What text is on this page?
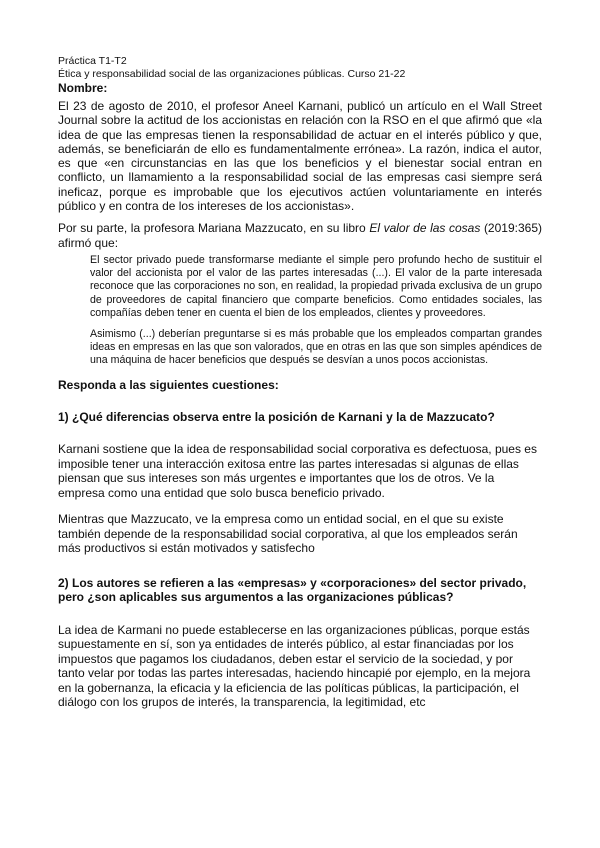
Práctica T1-T2
Ética y responsabilidad social de las organizaciones públicas. Curso 21-22
Nombre:

El 23 de agosto de 2010, el profesor Aneel Karnani, publicó un artículo en el Wall Street Journal sobre la actitud de los accionistas en relación con la RSO en el que afirmó que «la idea de que las empresas tienen la responsabilidad de actuar en el interés público y que, además, se beneficiarán de ello es fundamentalmente errónea». La razón, indica el autor, es que «en circunstancias en las que los beneficios y el bienestar social entran en conflicto, un llamamiento a la responsabilidad social de las empresas casi siempre será ineficaz, porque es improbable que los ejecutivos actúen voluntariamente en interés público y en contra de los intereses de los accionistas».

Por su parte, la profesora Mariana Mazzucato, en su libro El valor de las cosas (2019:365) afirmó que:

El sector privado puede transformarse mediante el simple pero profundo hecho de sustituir el valor del accionista por el valor de las partes interesadas (...). El valor de la parte interesada reconoce que las corporaciones no son, en realidad, la propiedad privada exclusiva de un grupo de proveedores de capital financiero que comparte beneficios. Como entidades sociales, las compañías deben tener en cuenta el bien de los empleados, clientes y proveedores.
Asimismo (...) deberían preguntarse si es más probable que los empleados compartan grandes ideas en empresas en las que son valorados, que en otras en las que son simples apéndices de una máquina de hacer beneficios que después se desvían a unos pocos accionistas.
Responda a las siguientes cuestiones:
1) ¿Qué diferencias observa entre la posición de Karnani y la de Mazzucato?

Karnani sostiene que la idea de responsabilidad social corporativa es defectuosa, pues es imposible tener una interacción exitosa entre las partes interesadas si algunas de ellas piensan que sus intereses son más urgentes e importantes que los de otros. Ve la empresa como una entidad que solo busca beneficio privado.

Mientras que Mazzucato, ve la empresa como un entidad social, en el que su existe también depende de la responsabilidad social corporativa, al que los empleados serán más productivos si están motivados y satisfecho

2) Los autores se refieren a las «empresas» y «corporaciones» del sector privado, pero ¿son aplicables sus argumentos a las organizaciones públicas?

La idea de Karmani no puede establecerse en las organizaciones públicas, porque estás supuestamente en sí, son ya entidades de interés público, al estar financiadas por los impuestos que pagamos los ciudadanos, deben estar el servicio de la sociedad, y por tanto velar por todas las partes interesadas, haciendo hincapié por ejemplo, en la mejora en la gobernanza, la eficacia y la eficiencia de las políticas públicas, la participación, el diálogo con los grupos de interés, la transparencia, la legitimidad, etc
